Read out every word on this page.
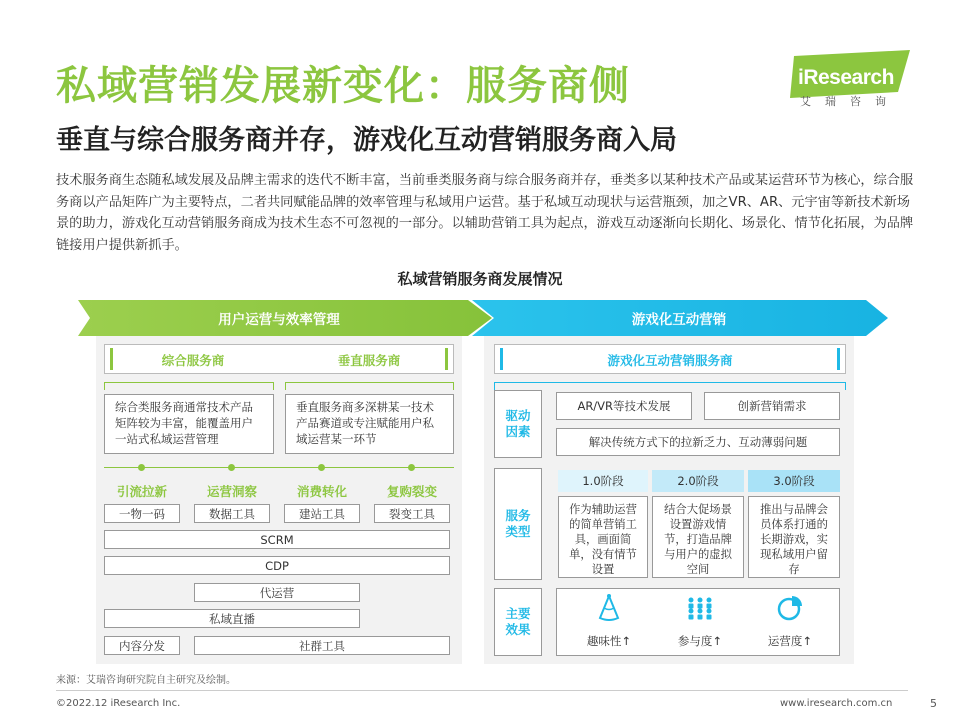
私域营销发展新变化：服务商侧
垂直与综合服务商并存，游戏化互动营销服务商入局
iResearch
艾瑞咨询
技术服务商生态随私域发展及品牌主需求的迭代不断丰富，当前垂类服务商与综合服务商并存，垂类多以某种技术产品或某运营环节为核心，综合服务商以产品矩阵广为主要特点，二者共同赋能品牌的效率管理与私域用户运营。基于私域互动现状与运营瓶颈，加之VR、AR、元宇宙等新技术新场景的助力，游戏化互动营销服务商成为技术生态不可忽视的一部分。以辅助营销工具为起点，游戏互动逐渐向长期化、场景化、情节化拓展，为品牌链接用户提供新抓手。
私域营销服务商发展情况
用户运营与效率管理	游戏化互动营销
综合服务商	垂直服务商
综合类服务商通常技术产品矩阵较为丰富，能覆盖用户一站式私域运营管理
垂直服务商多深耕某一技术产品赛道或专注赋能用户私域运营某一环节
引流拉新	运营洞察	消费转化	复购裂变
一物一码	数据工具	建站工具	裂变工具
SCRM
CDP
代运营
私域直播
内容分发	社群工具
游戏化互动营销服务商
驱动因素
AR/VR等技术发展	创新营销需求
解决传统方式下的拉新乏力、互动薄弱问题
服务类型
1.0阶段	2.0阶段	3.0阶段
作为辅助运营的简单营销工具，画面简单，没有情节设置
结合大促场景设置游戏情节，打造品牌与用户的虚拟空间
推出与品牌会员体系打通的长期游戏，实现私域用户留存
主要效果
趣味性↑	参与度↑	运营度↑
来源：艾瑞咨询研究院自主研究及绘制。
©2022.12 iResearch Inc.	www.iresearch.com.cn	5
